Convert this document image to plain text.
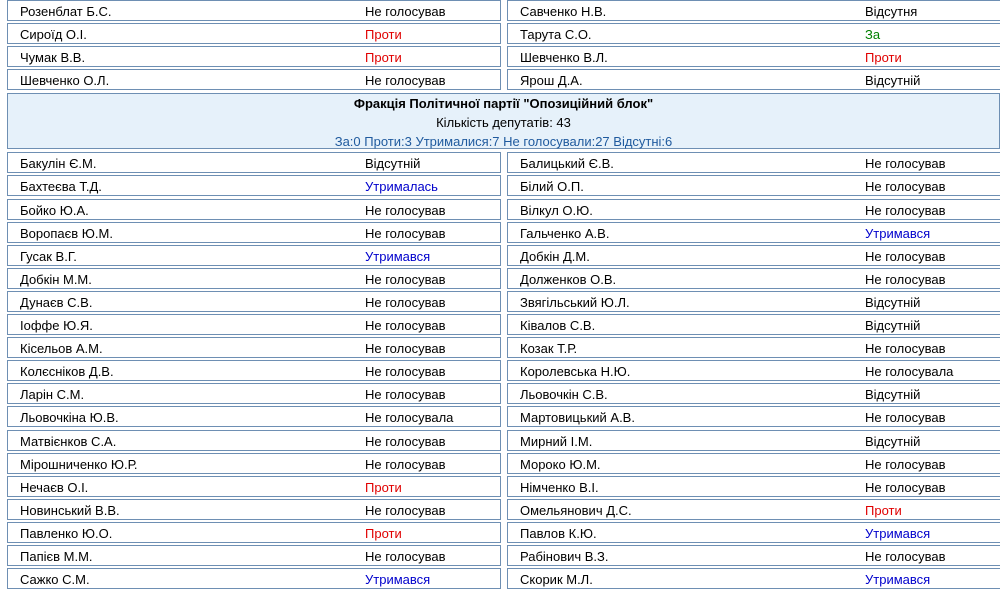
Розенблат Б.С.	Не голосував	Савченко Н.В.	Відсутня
Сироїд О.І.	Проти	Тарута С.О.	За
Чумак В.В.	Проти	Шевченко В.Л.	Проти
Шевченко О.Л.	Не голосував	Ярош Д.А.	Відсутній
Фракція Політичної партії "Опозиційний блок"
Кількість депутатів: 43
За:0 Проти:3 Утрималися:7 Не голосували:27 Відсутні:6
Бакулін Є.М.	Відсутній	Балицький Є.В.	Не голосував
Бахтеєва Т.Д.	Утрималась	Білий О.П.	Не голосував
Бойко Ю.А.	Не голосував	Вілкул О.Ю.	Не голосував
Воропаєв Ю.М.	Не голосував	Гальченко А.В.	Утримався
Гусак В.Г.	Утримався	Добкін Д.М.	Не голосував
Добкін М.М.	Не голосував	Долженков О.В.	Не голосував
Дунаєв С.В.	Не голосував	Звягільський Ю.Л.	Відсутній
Іоффе Ю.Я.	Не голосував	Ківалов С.В.	Відсутній
Кісельов А.М.	Не голосував	Козак Т.Р.	Не голосував
Колєсніков Д.В.	Не голосував	Королевська Н.Ю.	Не голосувала
Ларін С.М.	Не голосував	Льовочкін С.В.	Відсутній
Льовочкіна Ю.В.	Не голосувала	Мартовицький А.В.	Не голосував
Матвієнков С.А.	Не голосував	Мирний І.М.	Відсутній
Мірошниченко Ю.Р.	Не голосував	Мороко Ю.М.	Не голосував
Нечаєв О.І.	Проти	Німченко В.І.	Не голосував
Новинський В.В.	Не голосував	Омельянович Д.С.	Проти
Павленко Ю.О.	Проти	Павлов К.Ю.	Утримався
Папієв М.М.	Не голосував	Рабінович В.З.	Не голосував
Сажко С.М.	Утримався	Скорик М.Л.	Утримався
